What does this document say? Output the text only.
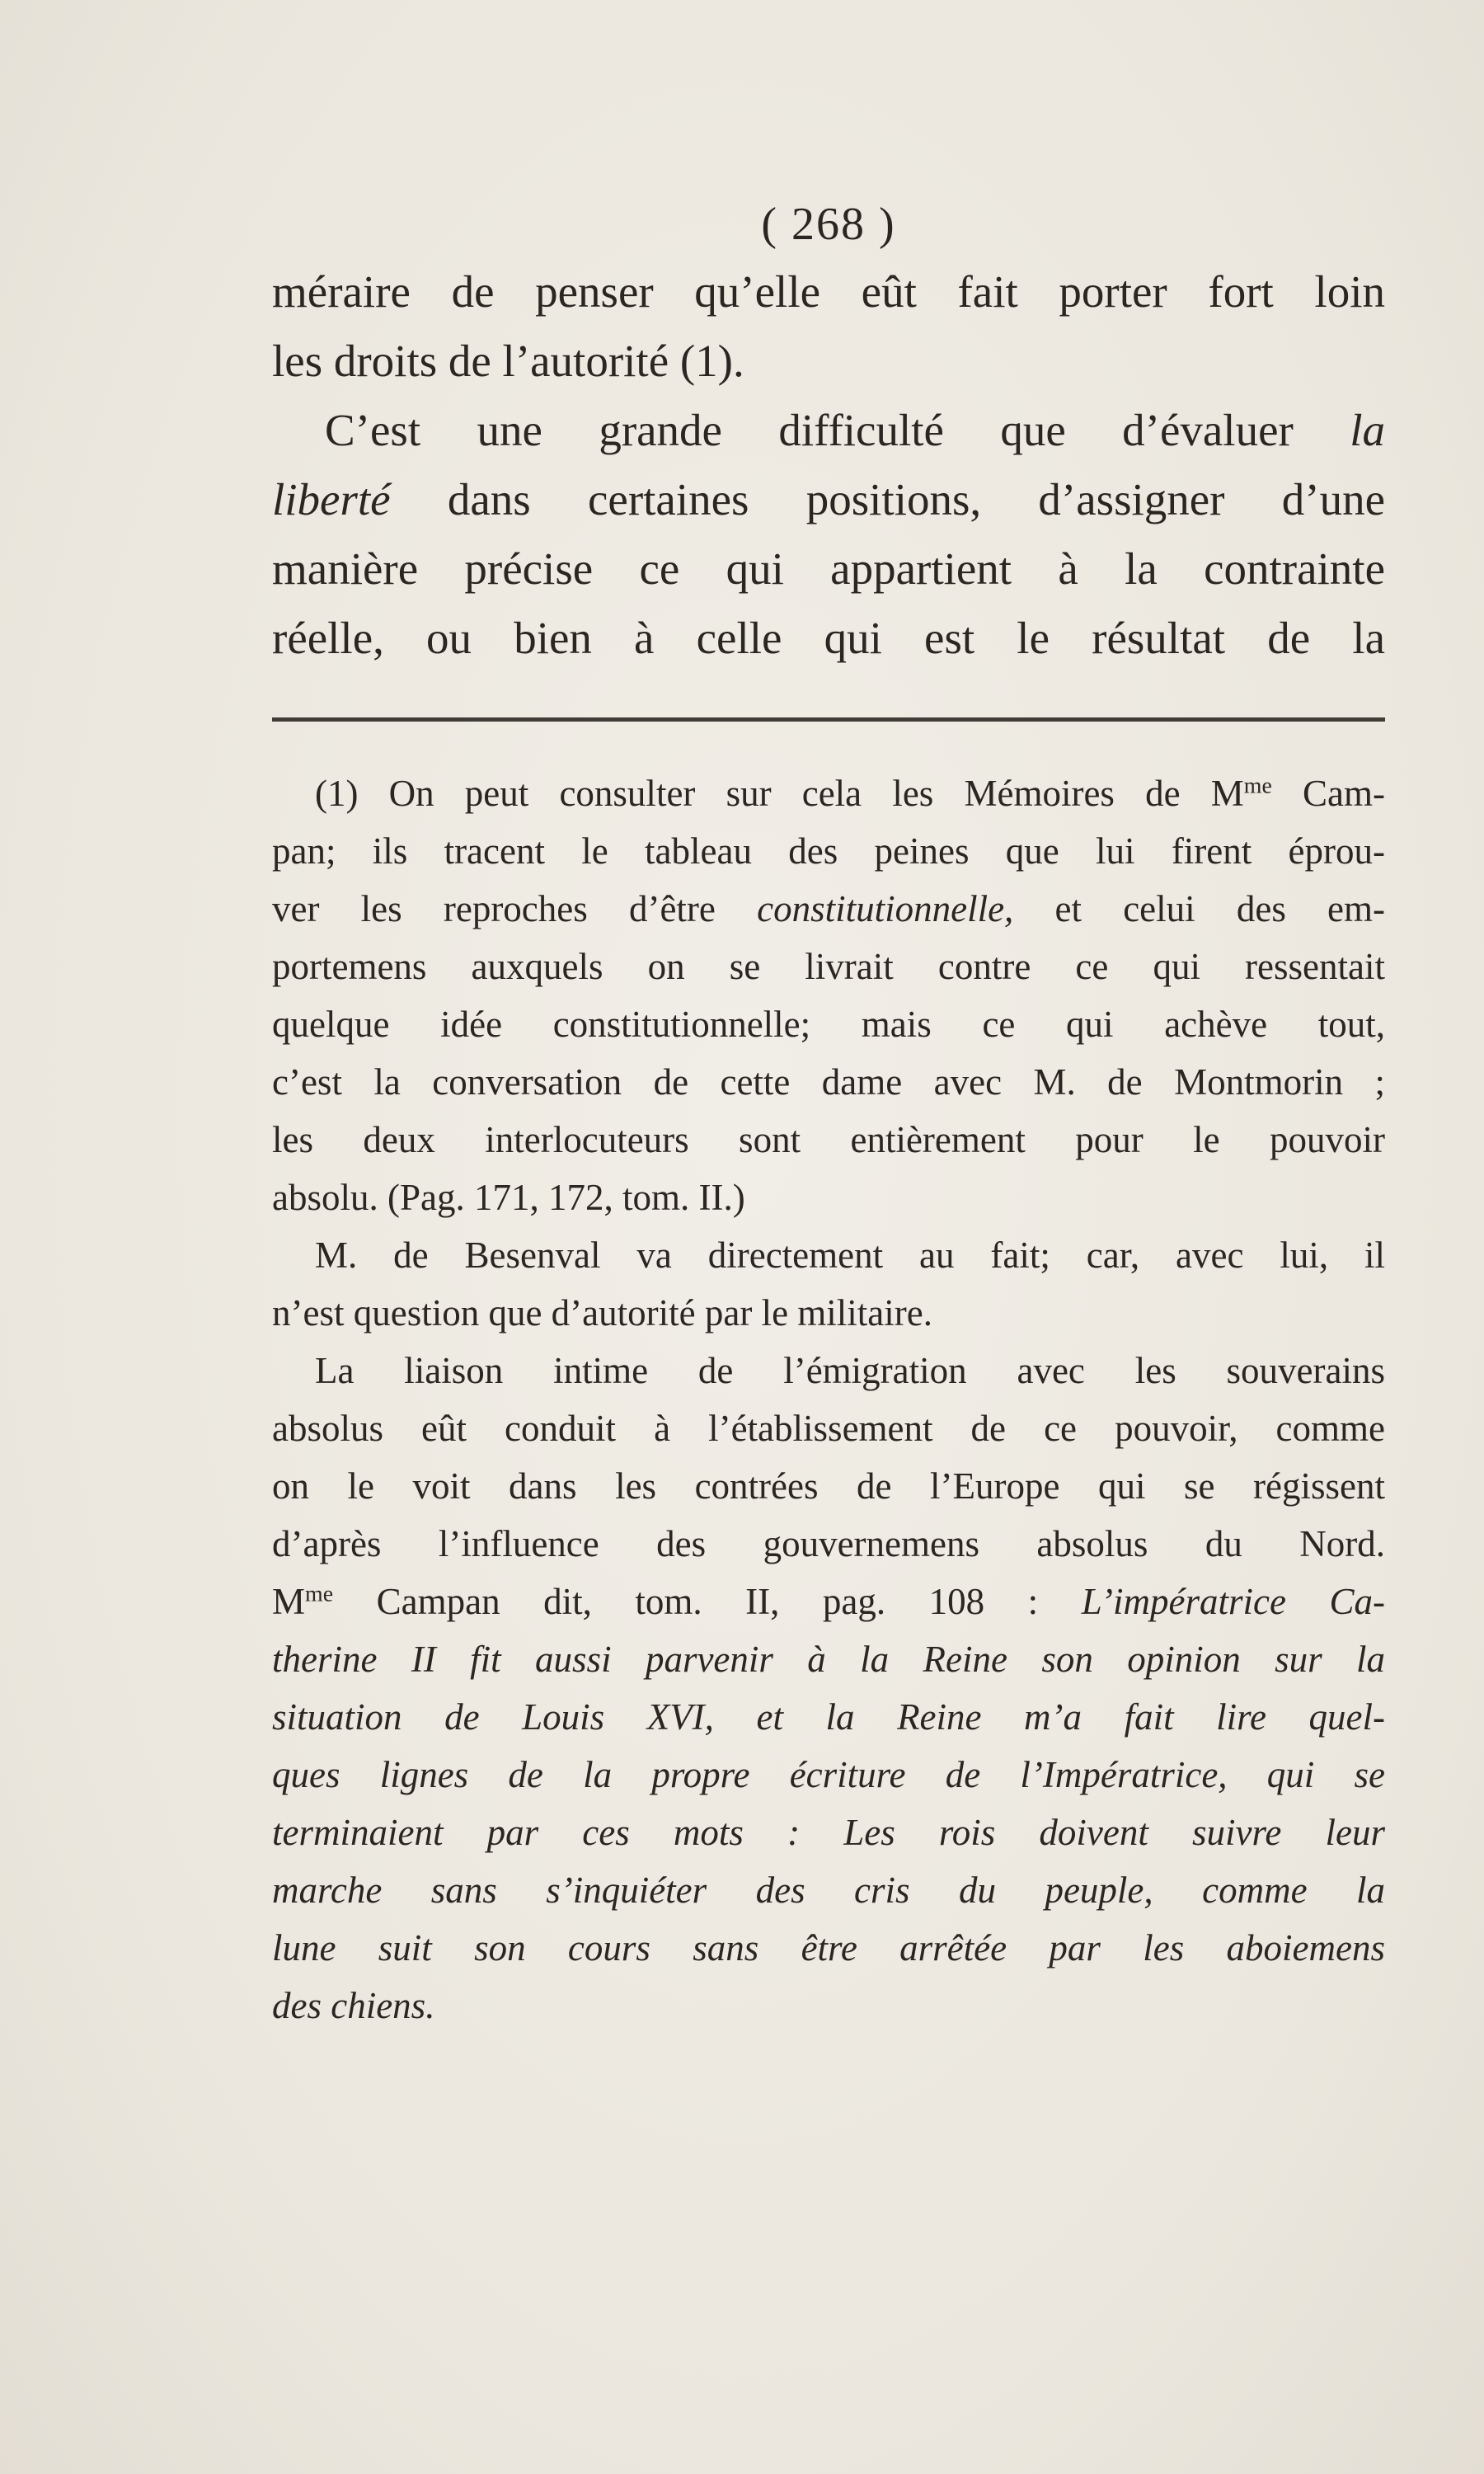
( 268 )

méraire de penser qu’elle eût fait porter fort loin

les droits de l’autorité (1).

C’est une grande difficulté que d’évaluer la

liberté dans certaines positions, d’assigner d’une

manière précise ce qui appartient à la contrainte

réelle, ou bien à celle qui est le résultat de la

(1) On peut consulter sur cela les Mémoires de $M^{me}$ Cam-

pan; ils tracent le tableau des peines que lui firent éprou-

ver les reproches d’être constitutionnelle, et celui des em-

portemens auxquels on se livrait contre ce qui ressentait

quelque idée constitutionnelle; mais ce qui achève tout,

c’est la conversation de cette dame avec M. de Montmorin ;

les deux interlocuteurs sont entièrement pour le pouvoir

absolu. (Pag. 171, 172, tom. II.)

M. de Besenval va directement au fait; car, avec lui, il

n’est question que d’autorité par le militaire.

La liaison intime de l’émigration avec les souverains

absolus eût conduit à l’établissement de ce pouvoir, comme

on le voit dans les contrées de l’Europe qui se régissent

d’après l’influence des gouvernemens absolus du Nord.

$M^{me}$ Campan dit, tom. II, pag. 108 : L’impératrice Ca-

therine II fit aussi parvenir à la Reine son opinion sur la

situation de Louis XVI, et la Reine m’a fait lire quel-

ques lignes de la propre écriture de l’Impératrice, qui se

terminaient par ces mots : Les rois doivent suivre leur

marche sans s’inquiéter des cris du peuple, comme la

lune suit son cours sans être arrêtée par les aboiemens

des chiens.
